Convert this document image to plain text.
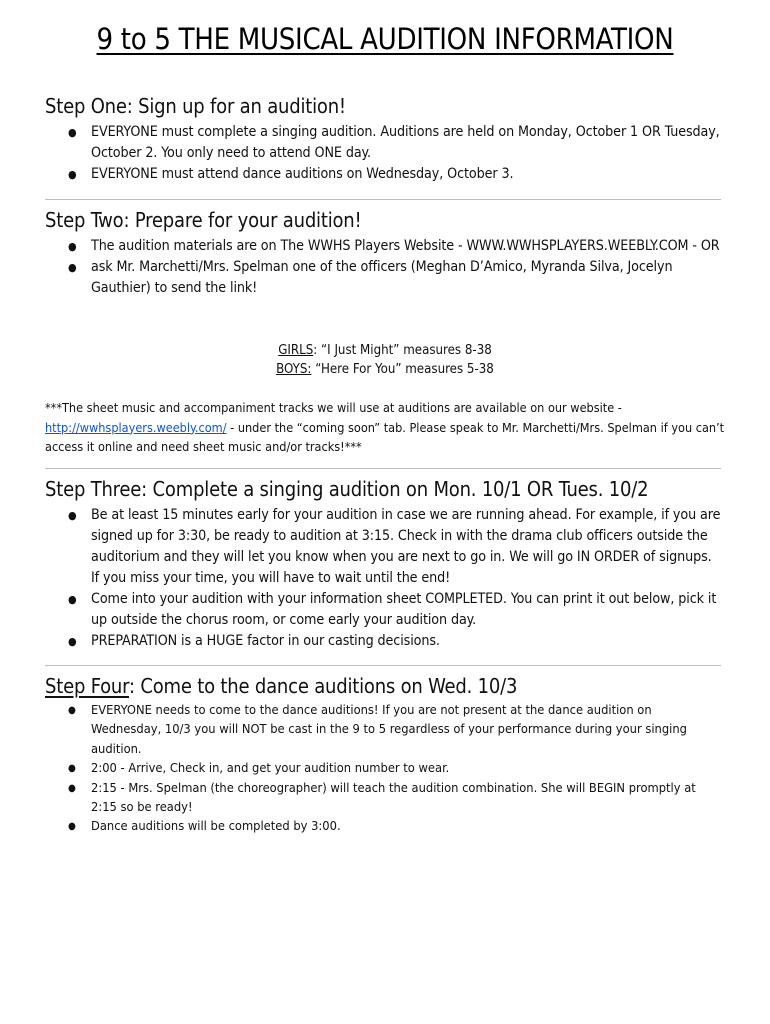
9 to 5 THE MUSICAL AUDITION INFORMATION
Step One: Sign up for an audition!
● EVERYONE must complete a singing audition. Auditions are held on Monday, October 1 OR Tuesday, October 2. You only need to attend ONE day.
● EVERYONE must attend dance auditions on Wednesday, October 3.
Step Two: Prepare for your audition!
● The audition materials are on The WWHS Players Website - WWW.WWHSPLAYERS.WEEBLY.COM - OR
● ask Mr. Marchetti/Mrs. Spelman one of the officers (Meghan D’Amico, Myranda Silva, Jocelyn Gauthier) to send the link!
GIRLS: “I Just Might” measures 8-38
BOYS: “Here For You” measures 5-38
***The sheet music and accompaniment tracks we will use at auditions are available on our website - http://wwhsplayers.weebly.com/ - under the “coming soon” tab. Please speak to Mr. Marchetti/Mrs. Spelman if you can’t access it online and need sheet music and/or tracks!***
Step Three: Complete a singing audition on Mon. 10/1 OR Tues. 10/2
● Be at least 15 minutes early for your audition in case we are running ahead. For example, if you are signed up for 3:30, be ready to audition at 3:15. Check in with the drama club officers outside the auditorium and they will let you know when you are next to go in. We will go IN ORDER of signups. If you miss your time, you will have to wait until the end!
● Come into your audition with your information sheet COMPLETED. You can print it out below, pick it up outside the chorus room, or come early your audition day.
● PREPARATION is a HUGE factor in our casting decisions.
Step Four: Come to the dance auditions on Wed. 10/3
● EVERYONE needs to come to the dance auditions! If you are not present at the dance audition on Wednesday, 10/3 you will NOT be cast in the 9 to 5 regardless of your performance during your singing audition.
● 2:00 - Arrive, Check in, and get your audition number to wear.
● 2:15 - Mrs. Spelman (the choreographer) will teach the audition combination. She will BEGIN promptly at 2:15 so be ready!
● Dance auditions will be completed by 3:00.
